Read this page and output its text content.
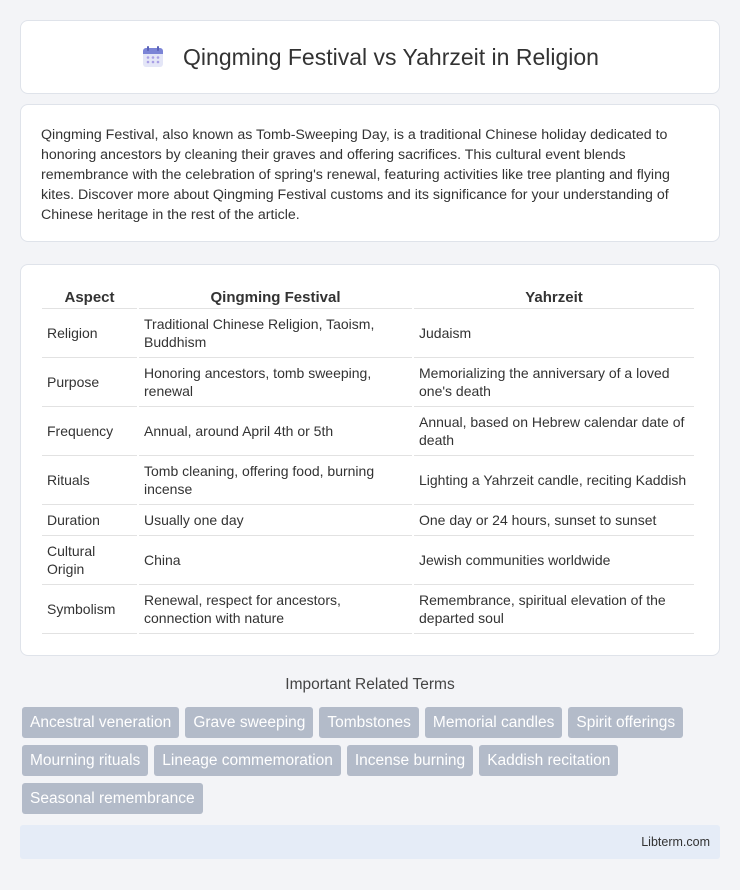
Qingming Festival vs Yahrzeit in Religion

Qingming Festival, also known as Tomb-Sweeping Day, is a traditional Chinese holiday dedicated to honoring ancestors by cleaning their graves and offering sacrifices. This cultural event blends remembrance with the celebration of spring's renewal, featuring activities like tree planting and flying kites. Discover more about Qingming Festival customs and its significance for your understanding of Chinese heritage in the rest of the article.

Aspect	Qingming Festival	Yahrzeit
Religion	Traditional Chinese Religion, Taoism, Buddhism	Judaism
Purpose	Honoring ancestors, tomb sweeping, renewal	Memorializing the anniversary of a loved one's death
Frequency	Annual, around April 4th or 5th	Annual, based on Hebrew calendar date of death
Rituals	Tomb cleaning, offering food, burning incense	Lighting a Yahrzeit candle, reciting Kaddish
Duration	Usually one day	One day or 24 hours, sunset to sunset
Cultural Origin	China	Jewish communities worldwide
Symbolism	Renewal, respect for ancestors, connection with nature	Remembrance, spiritual elevation of the departed soul
Important Related Terms
Ancestral veneration	Grave sweeping	Tombstones	Memorial candles	Spirit offerings
Mourning rituals	Lineage commemoration	Incense burning	Kaddish recitation
Seasonal remembrance
Libterm.com
